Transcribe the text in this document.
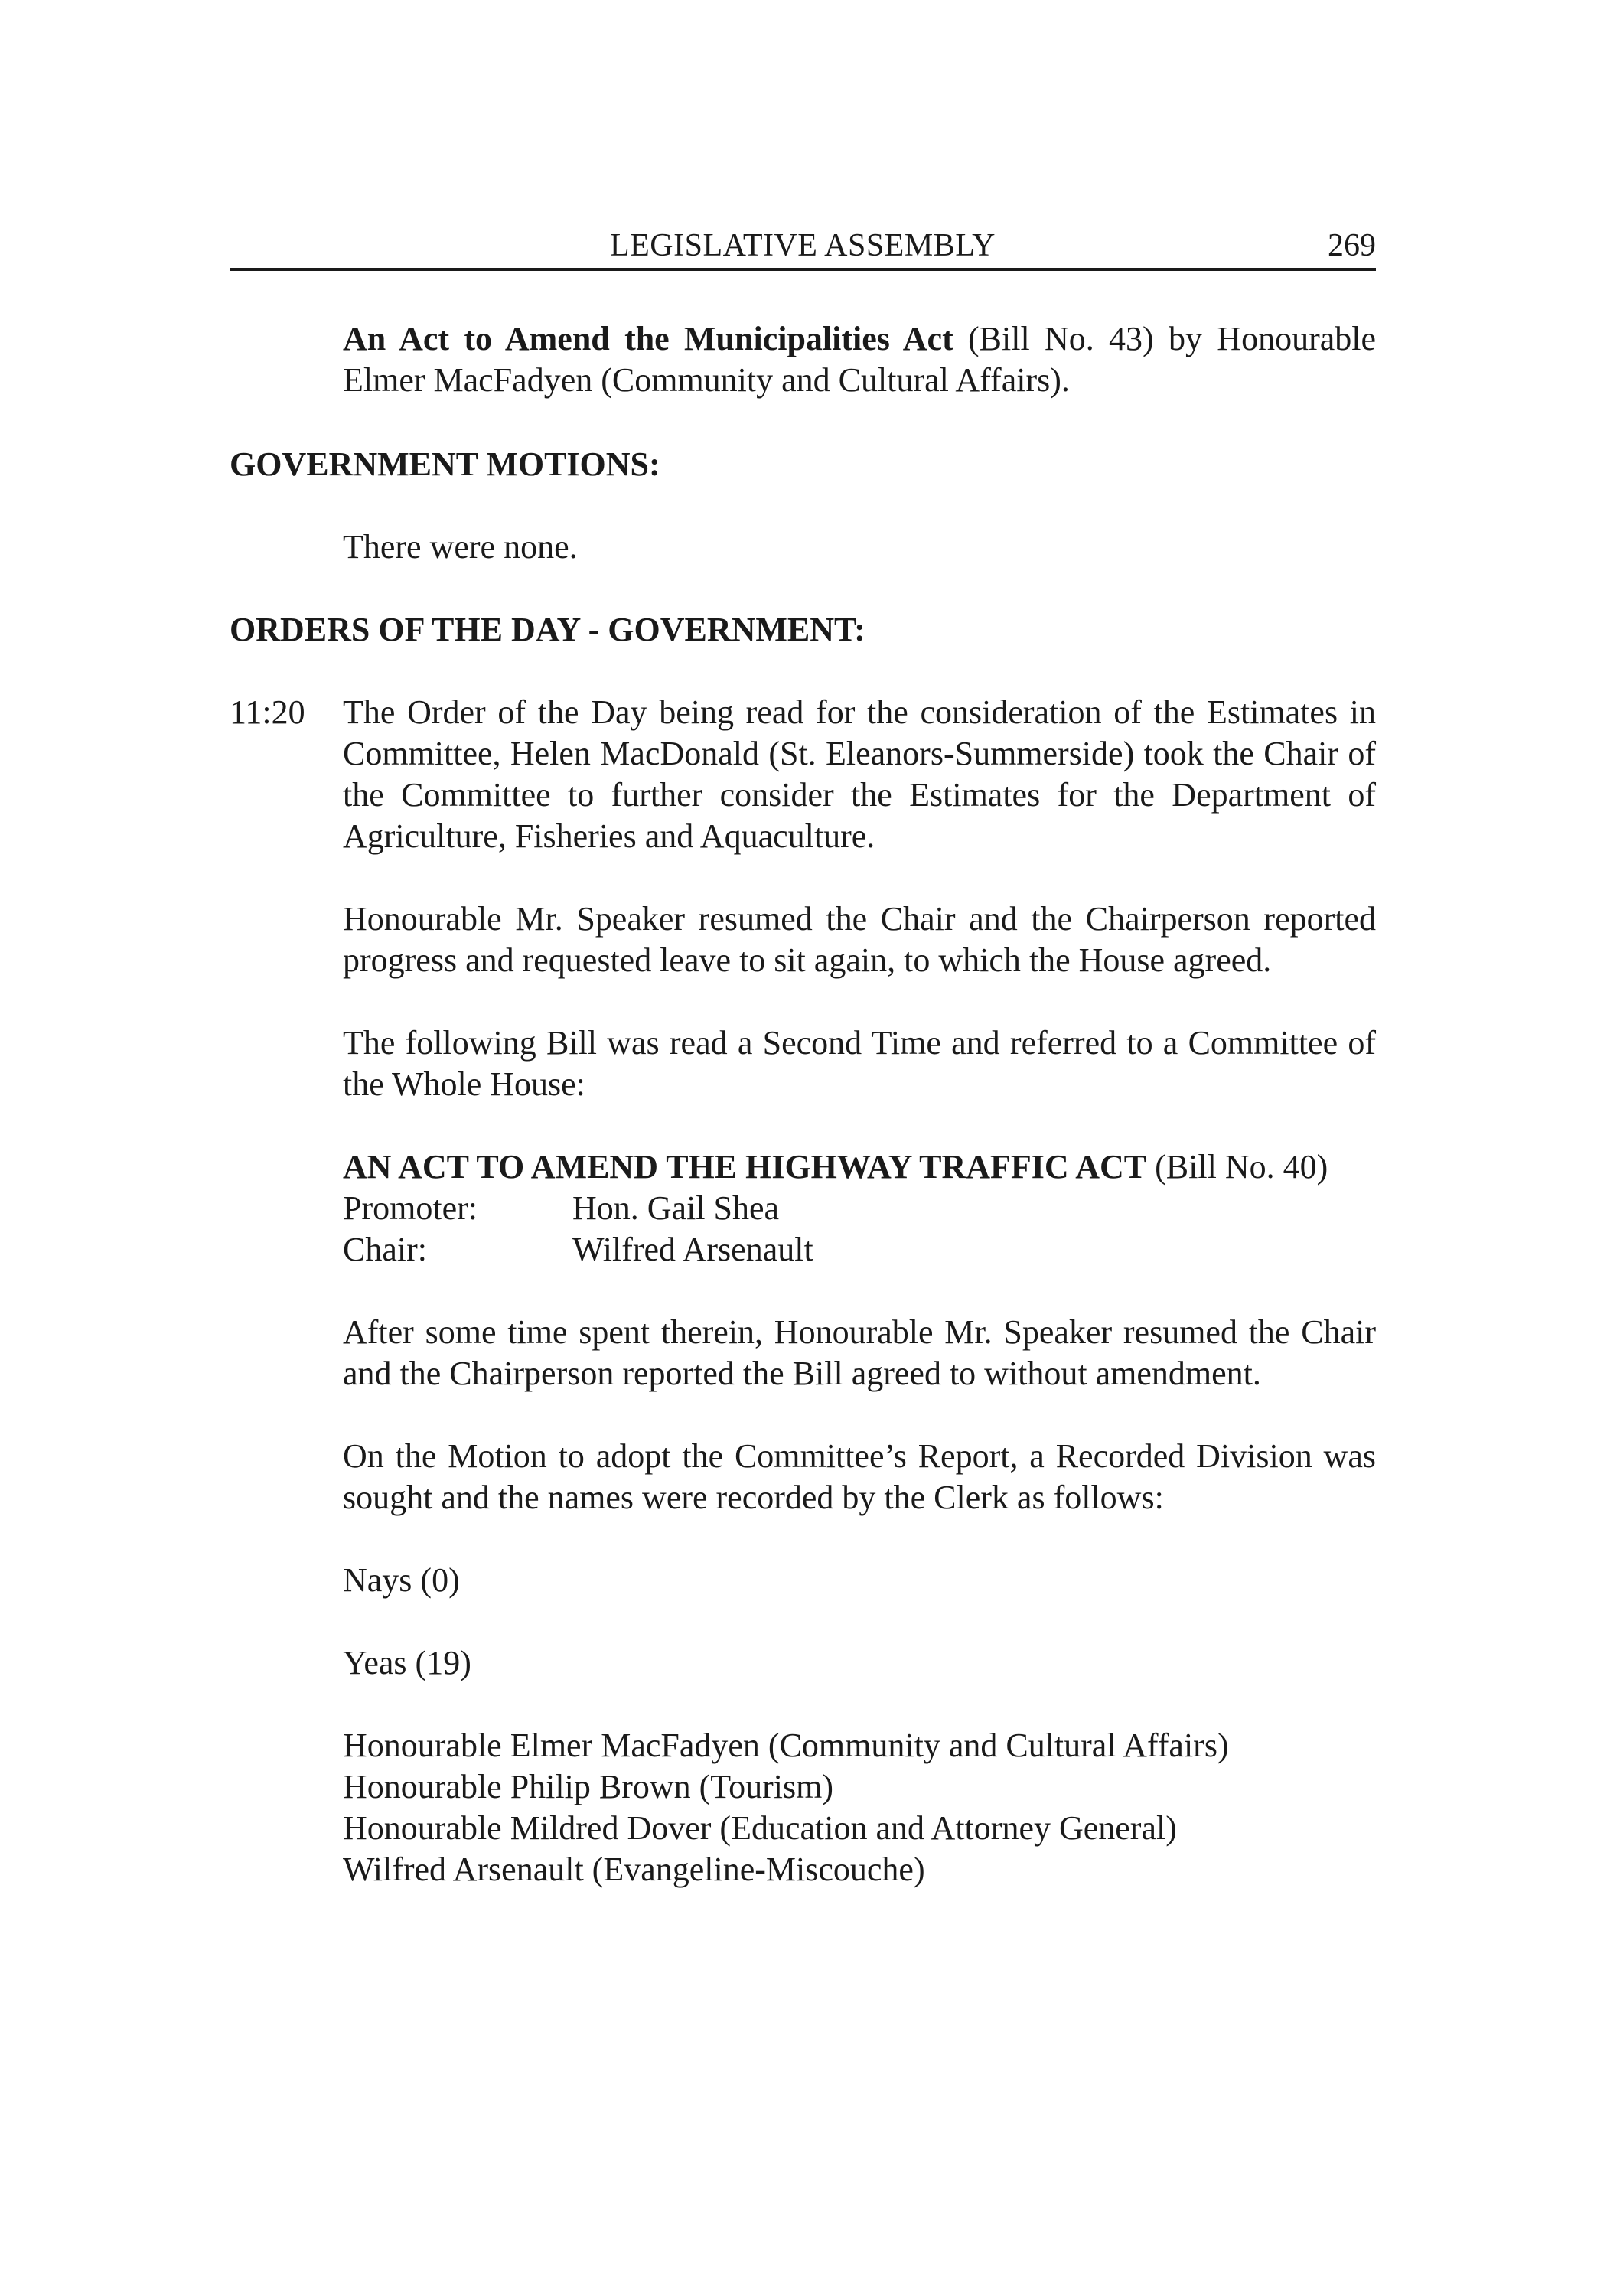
LEGISLATIVE ASSEMBLY	269
An Act to Amend the Municipalities Act (Bill No. 43) by Honourable Elmer MacFadyen (Community and Cultural Affairs).
GOVERNMENT MOTIONS:
There were none.
ORDERS OF THE DAY - GOVERNMENT:
11:20 The Order of the Day being read for the consideration of the Estimates in Committee, Helen MacDonald (St. Eleanors-Summerside) took the Chair of the Committee to further consider the Estimates for the Department of Agriculture, Fisheries and Aquaculture.
Honourable Mr. Speaker resumed the Chair and the Chairperson reported progress and requested leave to sit again, to which the House agreed.
The following Bill was read a Second Time and referred to a Committee of the Whole House:
AN ACT TO AMEND THE HIGHWAY TRAFFIC ACT (Bill No. 40)
Promoter:	Hon. Gail Shea
Chair:	Wilfred Arsenault
After some time spent therein, Honourable Mr. Speaker resumed the Chair and the Chairperson reported the Bill agreed to without amendment.
On the Motion to adopt the Committee’s Report, a Recorded Division was sought and the names were recorded by the Clerk as follows:
Nays (0)
Yeas (19)
Honourable Elmer MacFadyen (Community and Cultural Affairs)
Honourable Philip Brown (Tourism)
Honourable Mildred Dover (Education and Attorney General)
Wilfred Arsenault (Evangeline-Miscouche)
